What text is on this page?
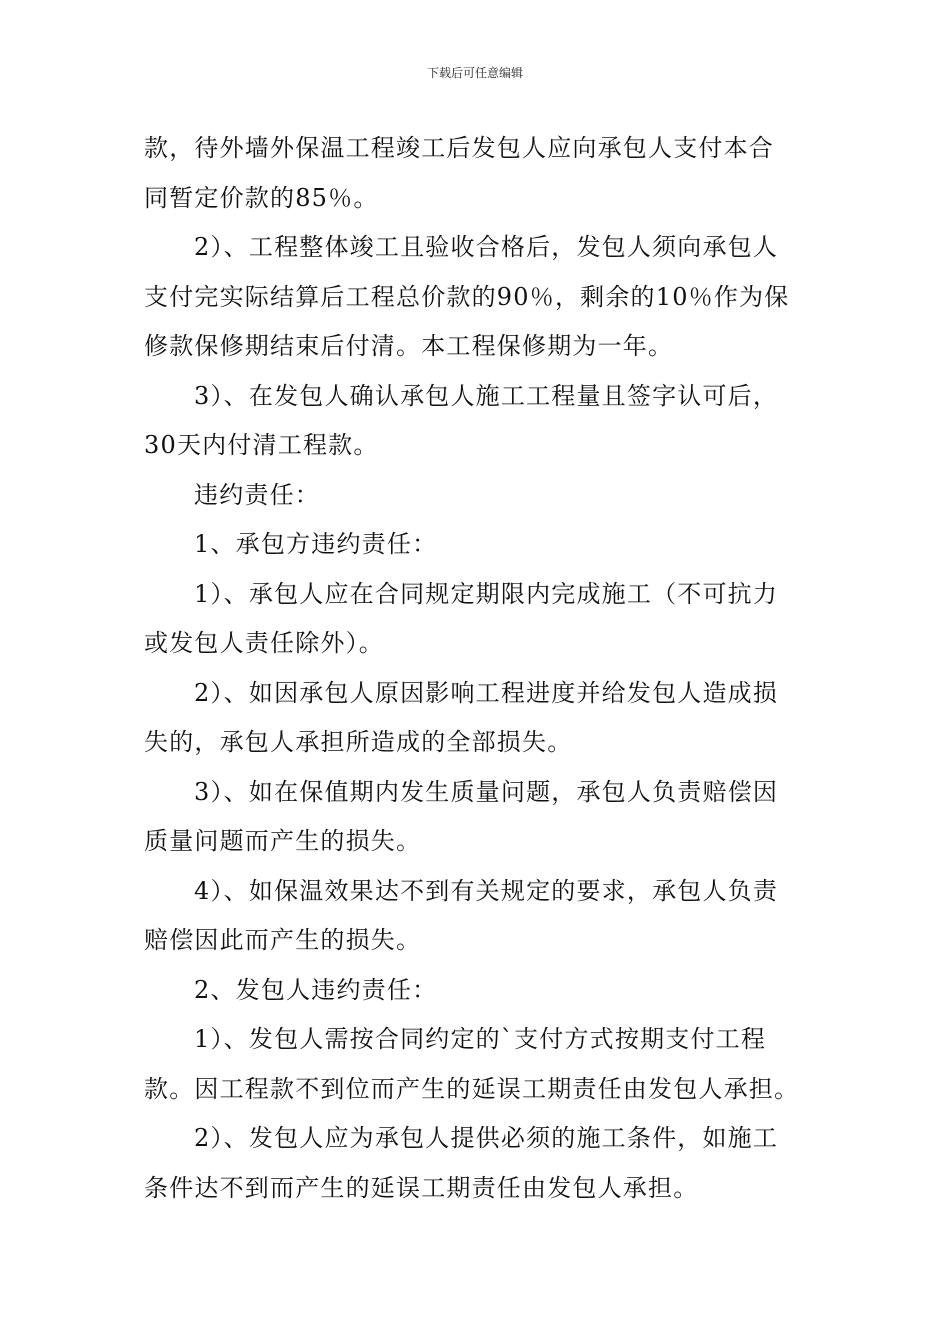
下载后可任意编辑

款，待外墙外保温工程竣工后发包人应向承包人支付本合
同暂定价款的85％。
2）、工程整体竣工且验收合格后，发包人须向承包人
支付完实际结算后工程总价款的90％，剩余的10％作为保
修款保修期结束后付清。本工程保修期为一年。
3）、在发包人确认承包人施工工程量且签字认可后，
30天内付清工程款。
违约责任：
1、承包方违约责任：
1）、承包人应在合同规定期限内完成施工（不可抗力
或发包人责任除外）。
2）、如因承包人原因影响工程进度并给发包人造成损
失的，承包人承担所造成的全部损失。
3）、如在保值期内发生质量问题，承包人负责赔偿因
质量问题而产生的损失。
4）、如保温效果达不到有关规定的要求，承包人负责
赔偿因此而产生的损失。
2、发包人违约责任：
1）、发包人需按合同约定的`支付方式按期支付工程
款。因工程款不到位而产生的延误工期责任由发包人承担。
2）、发包人应为承包人提供必须的施工条件，如施工
条件达不到而产生的延误工期责任由发包人承担。
